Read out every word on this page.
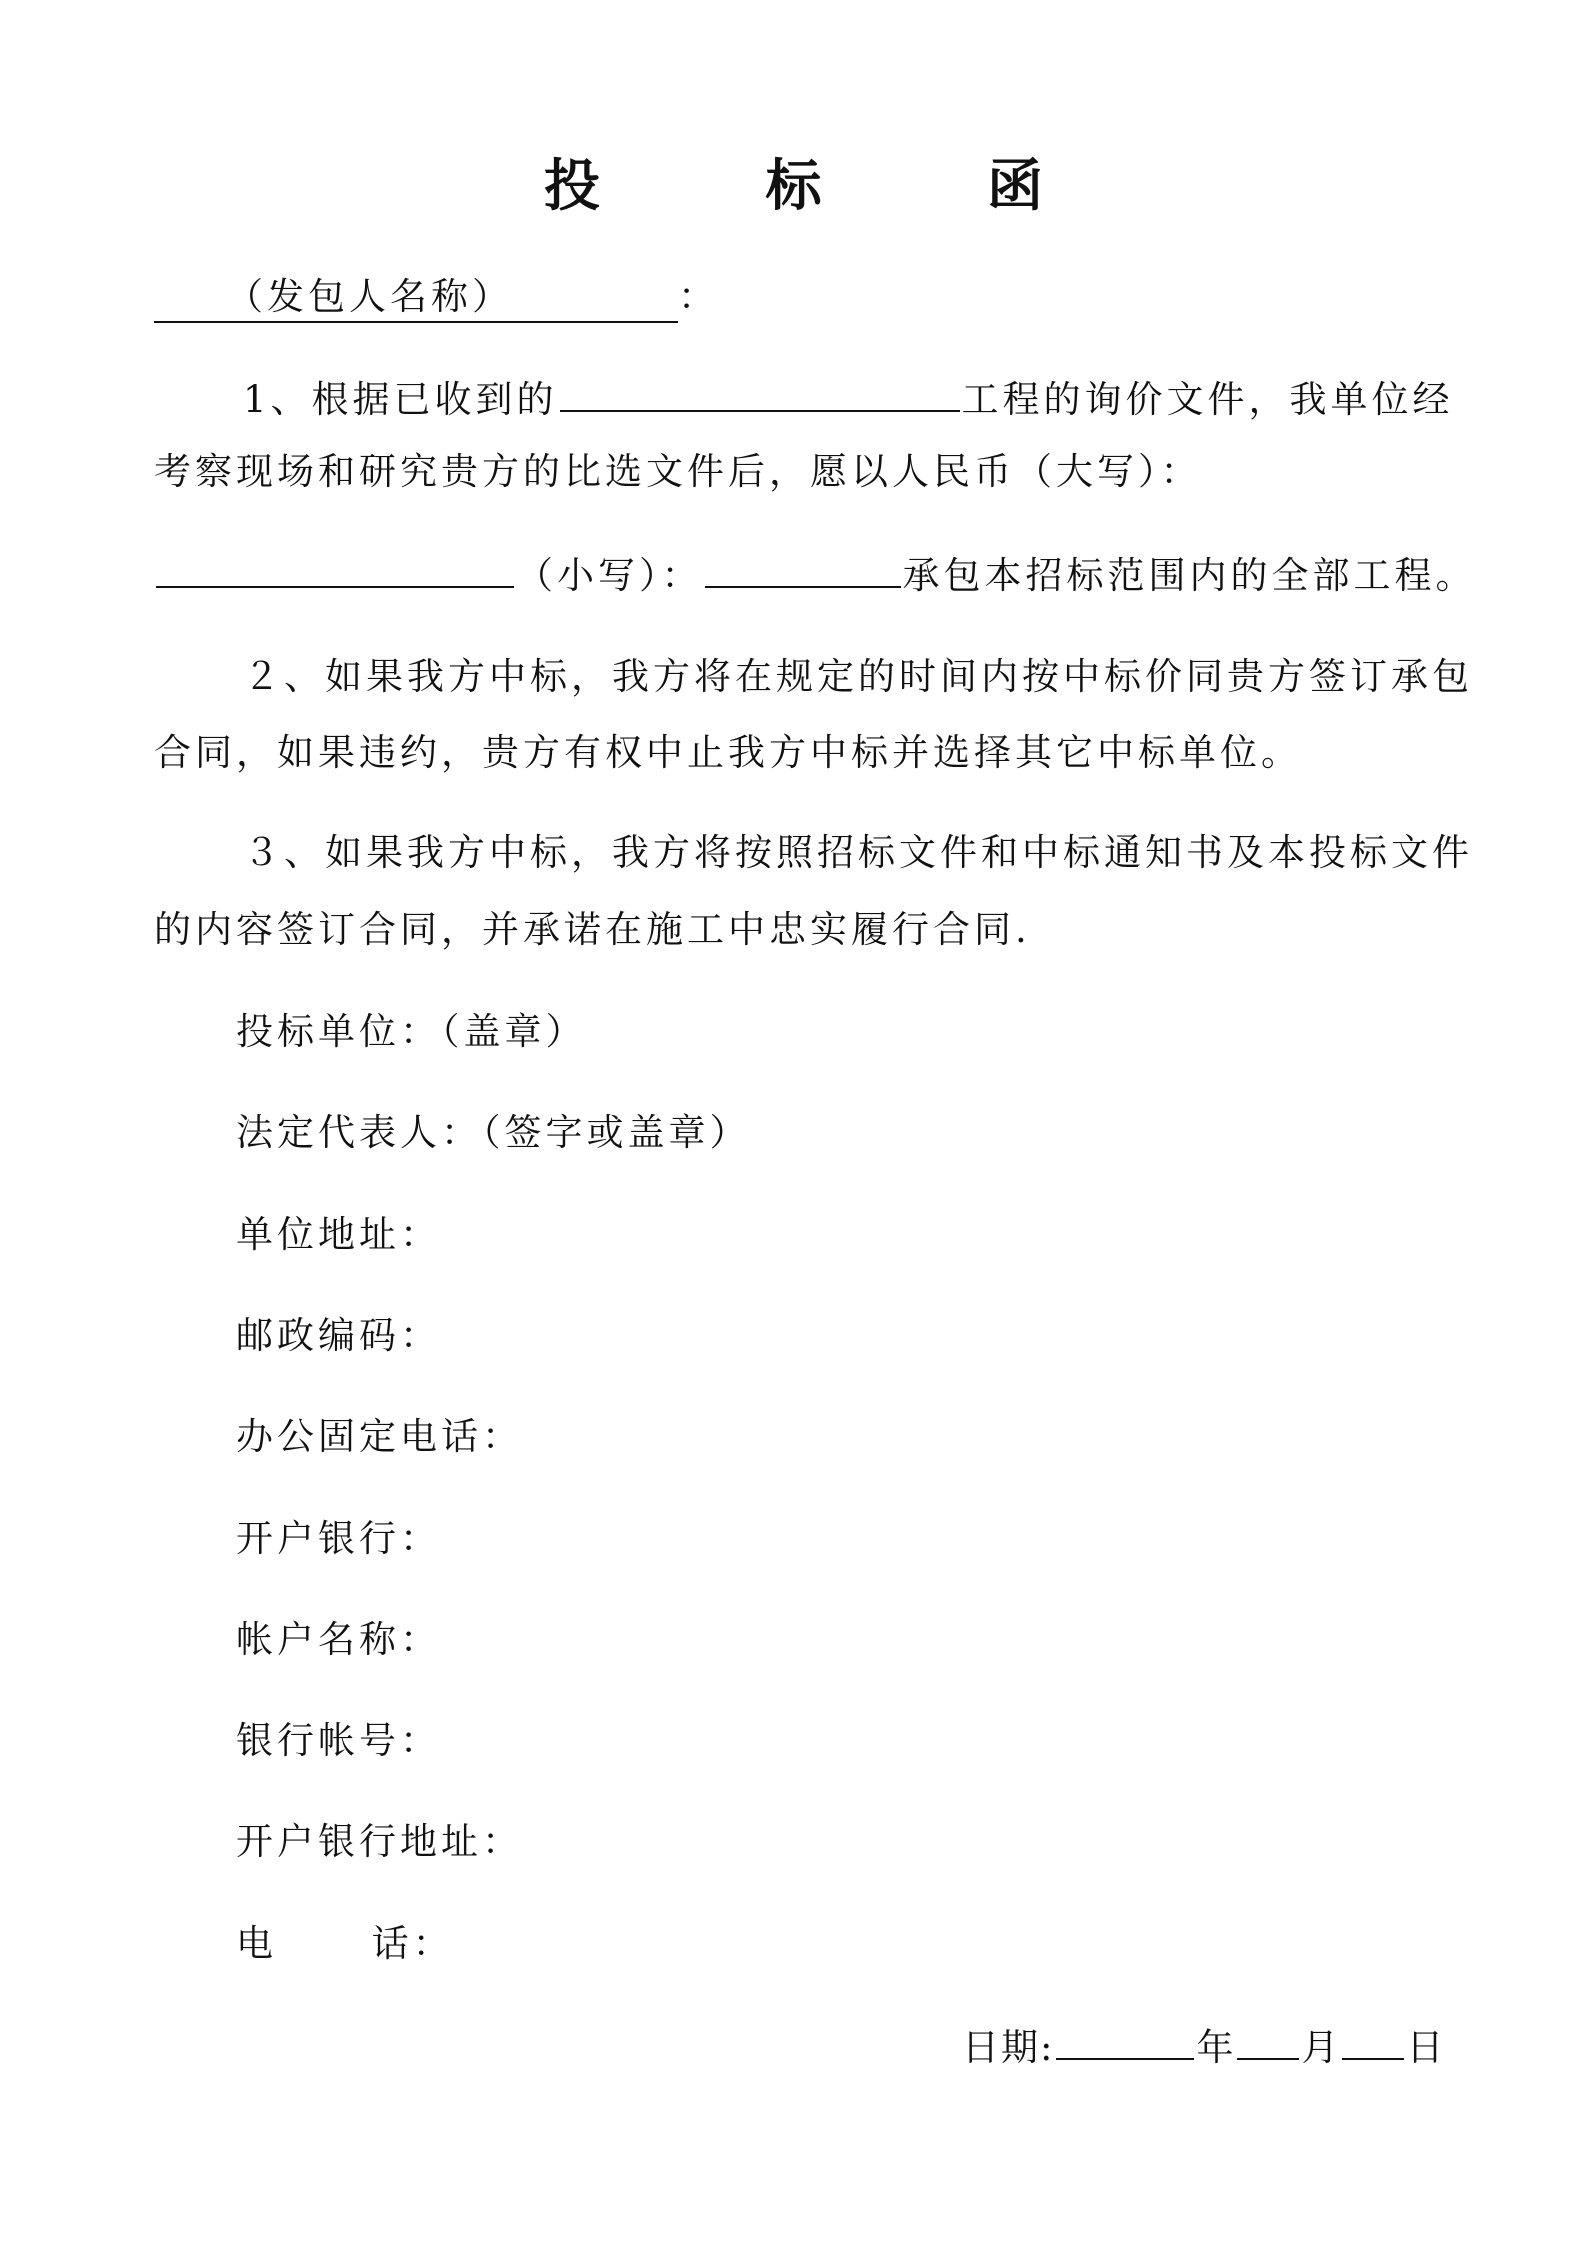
投	标	函
（发包人名称）	：
1、根据已收到的	工程的询价文件，我单位经
考察现场和研究贵方的比选文件后，愿以人民币（大写）：
（小写）：	承包本招标范围内的全部工程。
２、如果我方中标，我方将在规定的时间内按中标价同贵方签订承包
合同，如果违约，贵方有权中止我方中标并选择其它中标单位。
３、如果我方中标，我方将按照招标文件和中标通知书及本投标文件
的内容签订合同，并承诺在施工中忠实履行合同.
投标单位：（盖章）
法定代表人：（签字或盖章）
单位地址：
邮政编码：
办公固定电话：
开户银行：
帐户名称：
银行帐号：
开户银行地址：
电      话：
日期:	年 月 日
